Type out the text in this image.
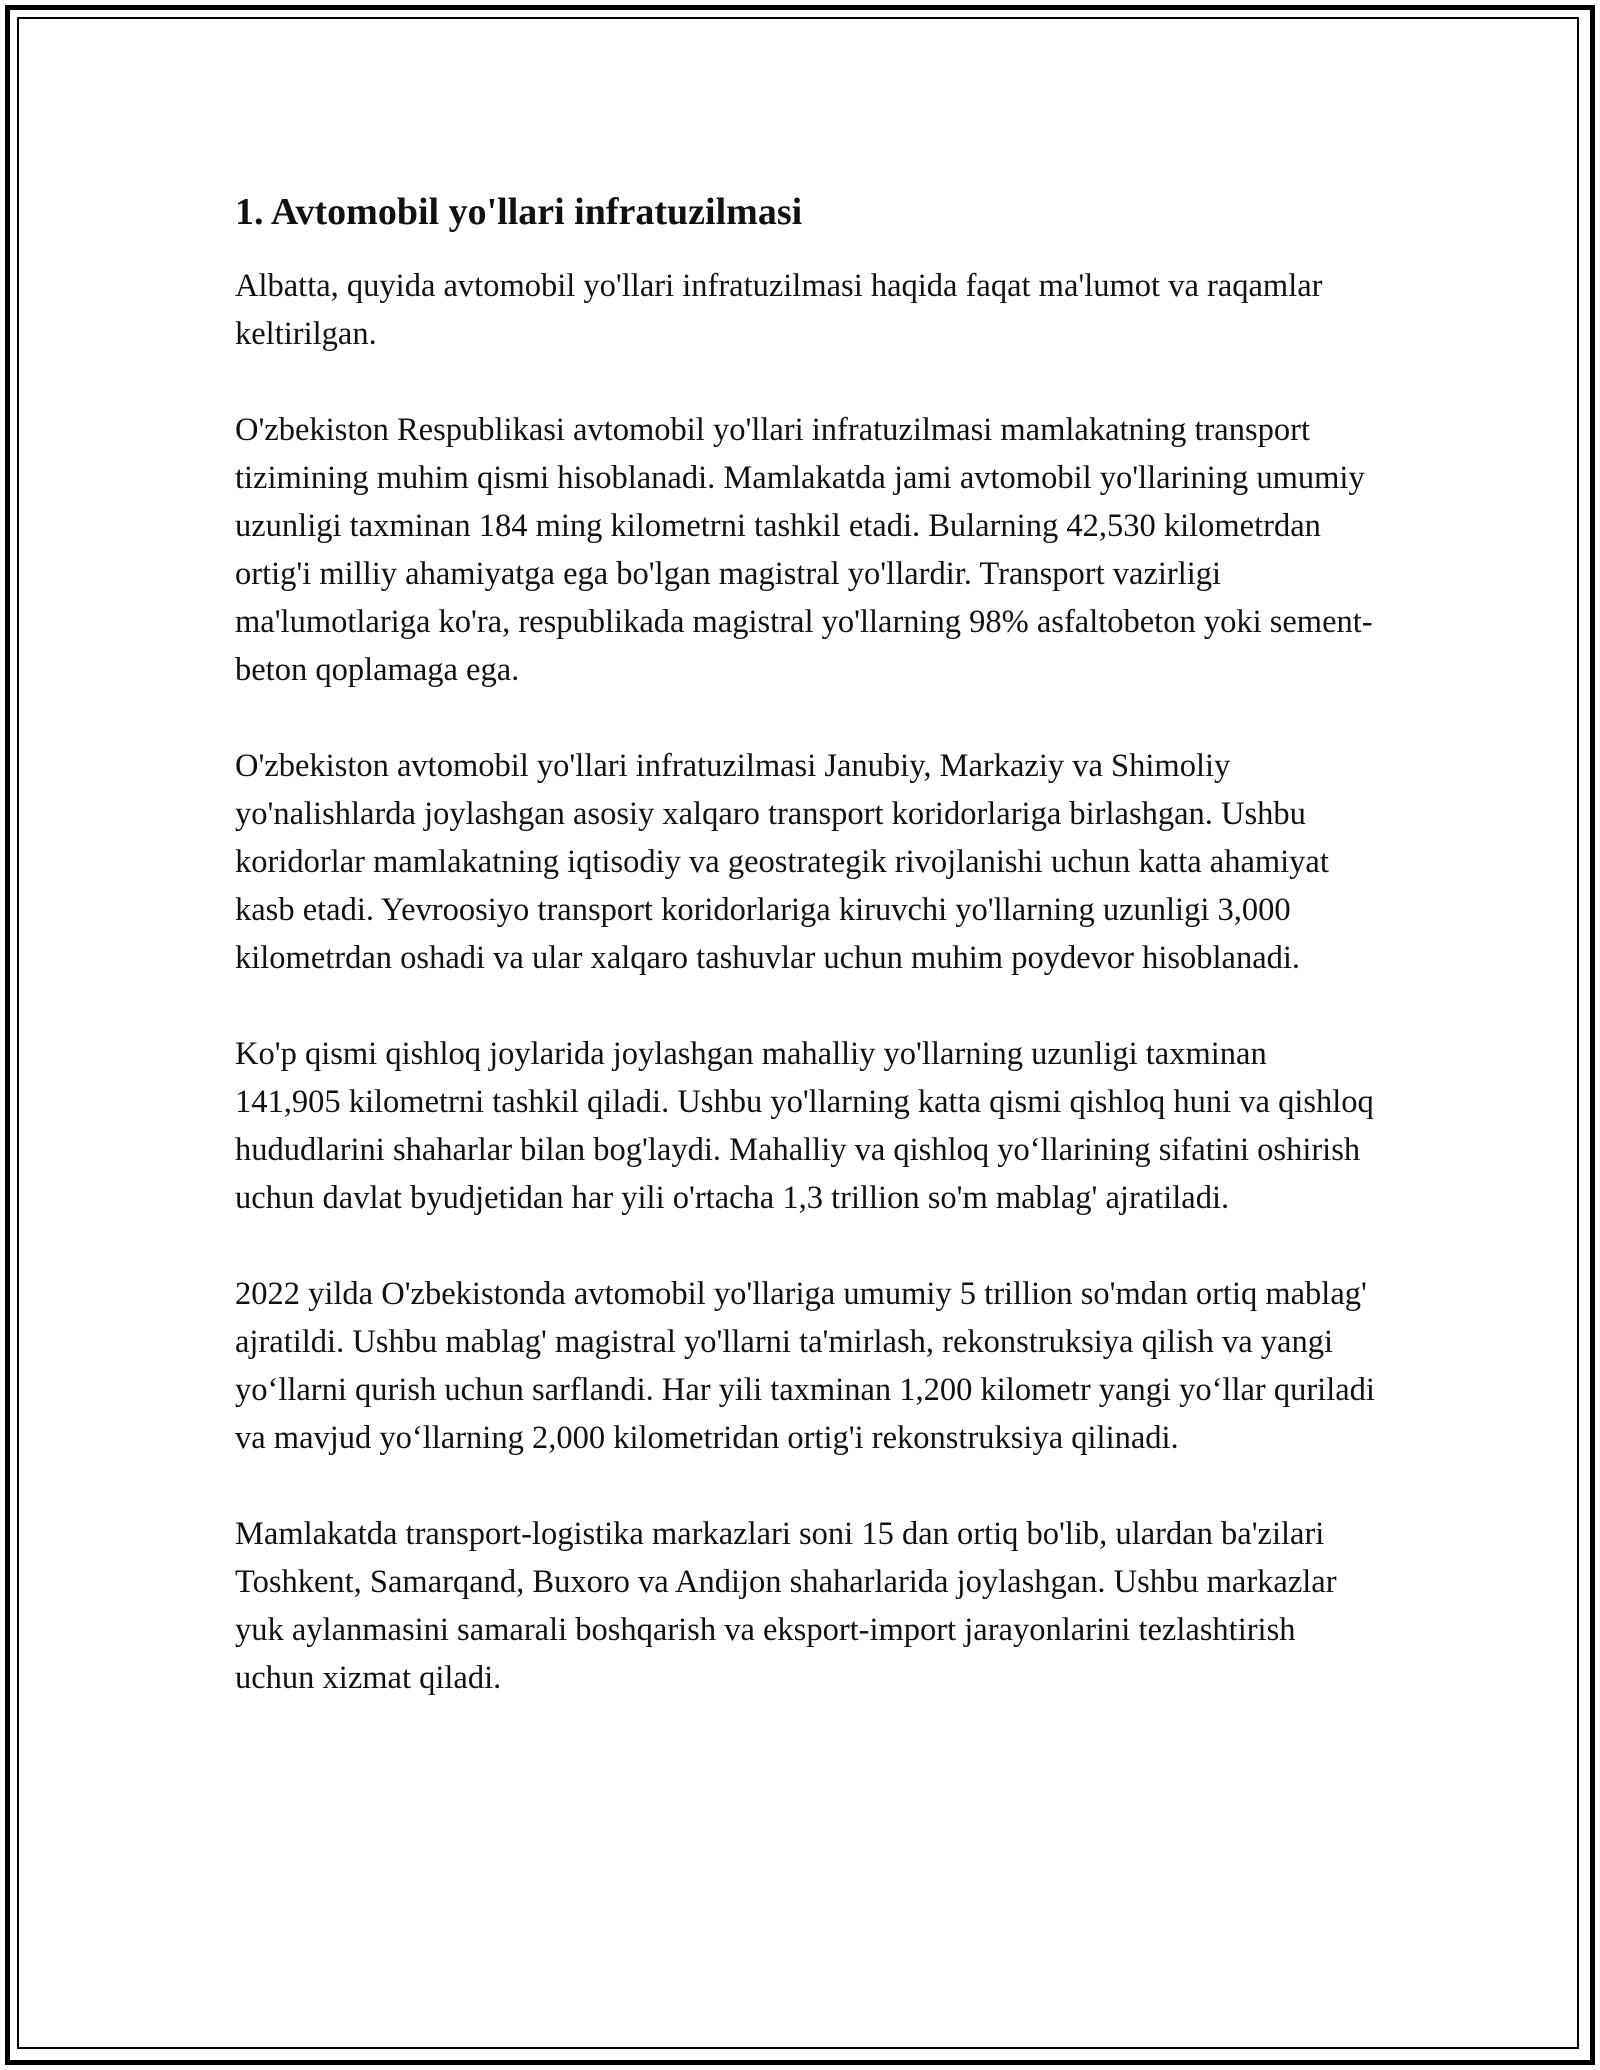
1. Avtomobil yo'llari infratuzilmasi

Albatta, quyida avtomobil yo'llari infratuzilmasi haqida faqat ma'lumot va raqamlar keltirilgan.

O'zbekiston Respublikasi avtomobil yo'llari infratuzilmasi mamlakatning transport tizimining muhim qismi hisoblanadi. Mamlakatda jami avtomobil yo'llarining umumiy uzunligi taxminan 184 ming kilometrni tashkil etadi. Bularning 42,530 kilometrdan ortig'i milliy ahamiyatga ega bo'lgan magistral yo'llardir. Transport vazirligi ma'lumotlariga ko'ra, respublikada magistral yo'llarning 98% asfaltobeton yoki sement-beton qoplamaga ega.

O'zbekiston avtomobil yo'llari infratuzilmasi Janubiy, Markaziy va Shimoliy yo'nalishlarda joylashgan asosiy xalqaro transport koridorlariga birlashgan. Ushbu koridorlar mamlakatning iqtisodiy va geostrategik rivojlanishi uchun katta ahamiyat kasb etadi. Yevroosiyo transport koridorlariga kiruvchi yo'llarning uzunligi 3,000 kilometrdan oshadi va ular xalqaro tashuvlar uchun muhim poydevor hisoblanadi.

Ko'p qismi qishloq joylarida joylashgan mahalliy yo'llarning uzunligi taxminan 141,905 kilometrni tashkil qiladi. Ushbu yo'llarning katta qismi qishloq huni va qishloq hududlarini shaharlar bilan bog'laydi. Mahalliy va qishloq yo‘llarining sifatini oshirish uchun davlat byudjetidan har yili o'rtacha 1,3 trillion so'm mablag' ajratiladi.

2022 yilda O'zbekistonda avtomobil yo'llariga umumiy 5 trillion so'mdan ortiq mablag' ajratildi. Ushbu mablag' magistral yo'llarni ta'mirlash, rekonstruksiya qilish va yangi yo‘llarni qurish uchun sarflandi. Har yili taxminan 1,200 kilometr yangi yo‘llar quriladi va mavjud yo‘llarning 2,000 kilometridan ortig'i rekonstruksiya qilinadi.

Mamlakatda transport-logistika markazlari soni 15 dan ortiq bo'lib, ulardan ba'zilari Toshkent, Samarqand, Buxoro va Andijon shaharlarida joylashgan. Ushbu markazlar yuk aylanmasini samarali boshqarish va eksport-import jarayonlarini tezlashtirish uchun xizmat qiladi.
